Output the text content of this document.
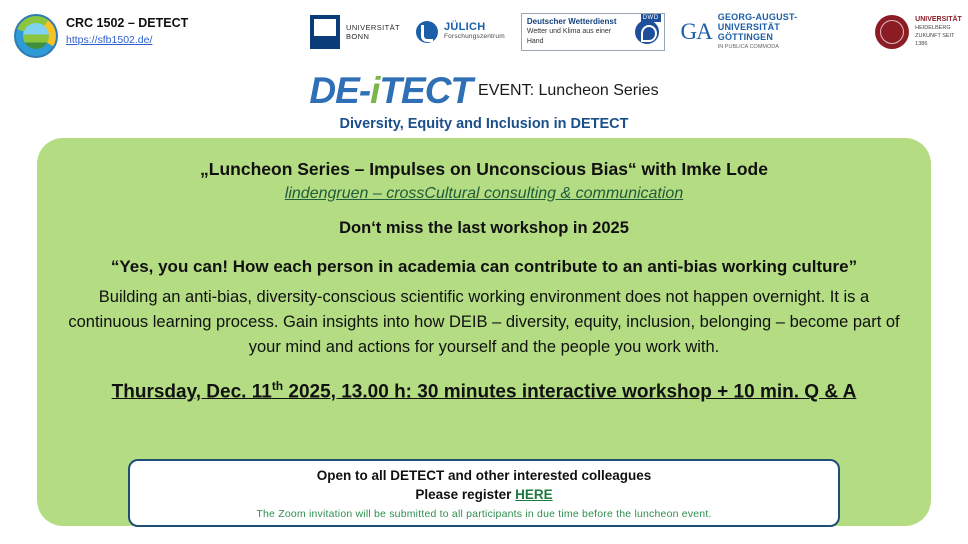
CRC 1502 – DETECT
https://sfb1502.de/
UNIVERSITÄT
BONN
JÜLICH
Forschungszentrum
Deutscher Wetterdienst
Wetter und Klima aus einer Hand
DWD
GA
GEORG-AUGUST-UNIVERSITÄT
GÖTTINGEN
IN PUBLICA COMMODA
UNIVERSITÄT
HEIDELBERG
ZUKUNFT SEIT 1386
DE-iTECT EVENT: Luncheon Series
Diversity, Equity and Inclusion in DETECT
„Luncheon Series – Impulses on Unconscious Bias“ with Imke Lode
lindengruen – crossCultural consulting & communication
Don‘t miss the last workshop in 2025
“Yes, you can! How each person in academia can contribute to an anti-bias working culture”
Building an anti-bias, diversity-conscious scientific working environment does not happen overnight. It is a continuous learning process. Gain insights into how DEIB – diversity, equity, inclusion, belonging – become part of your mind and actions for yourself and the people you work with.
Thursday, Dec. 11th 2025, 13.00 h: 30 minutes interactive workshop + 10 min. Q & A
Open to all DETECT and other interested colleagues
Please register HERE
The Zoom invitation will be submitted to all participants in due time before the luncheon event.
